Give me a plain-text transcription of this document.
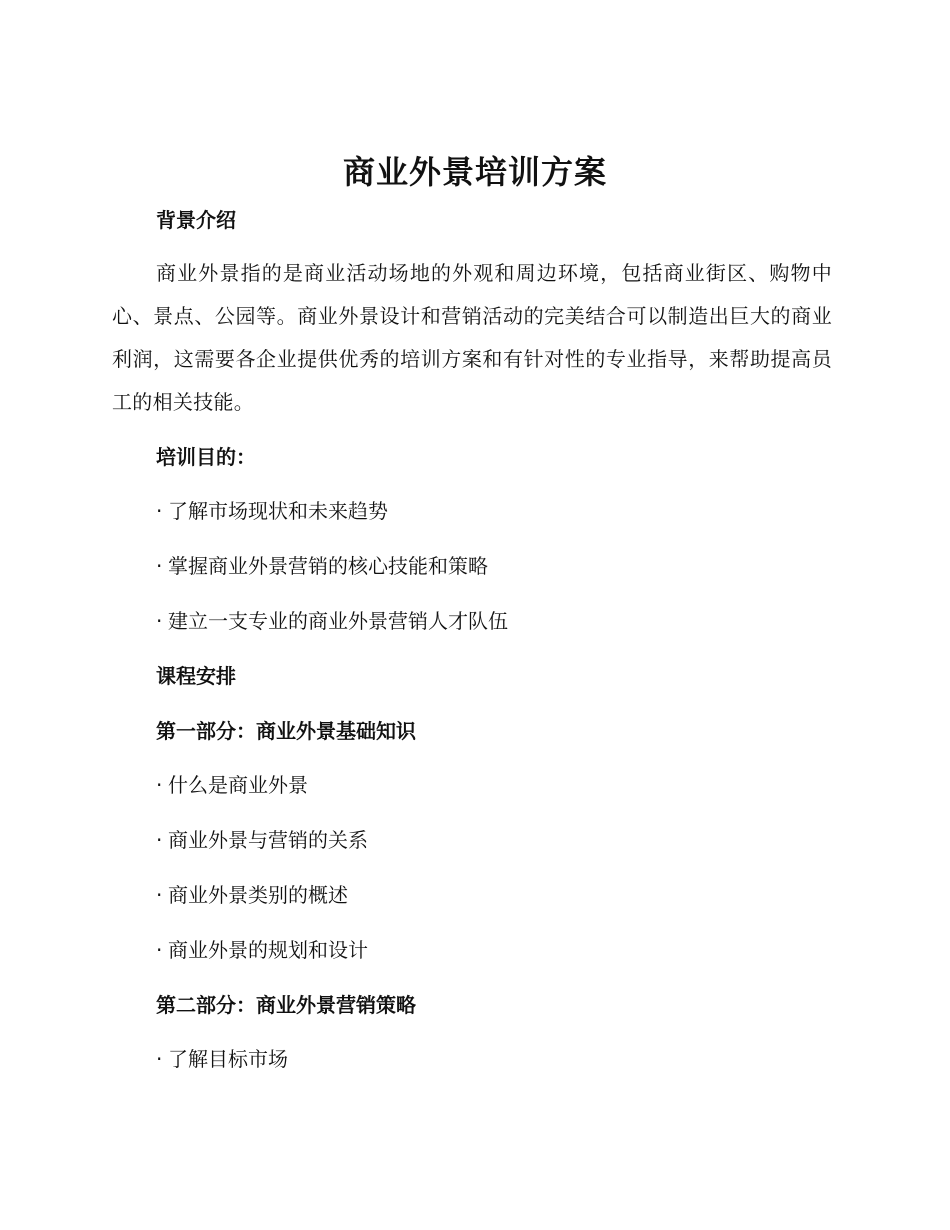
商业外景培训方案
背景介绍
商业外景指的是商业活动场地的外观和周边环境，包括商业街区、购物中心、景点、公园等。商业外景设计和营销活动的完美结合可以制造出巨大的商业利润，这需要各企业提供优秀的培训方案和有针对性的专业指导，来帮助提高员工的相关技能。
培训目的：
· 了解市场现状和未来趋势
· 掌握商业外景营销的核心技能和策略
· 建立一支专业的商业外景营销人才队伍
课程安排
第一部分：商业外景基础知识
· 什么是商业外景
· 商业外景与营销的关系
· 商业外景类别的概述
· 商业外景的规划和设计
第二部分：商业外景营销策略
· 了解目标市场
